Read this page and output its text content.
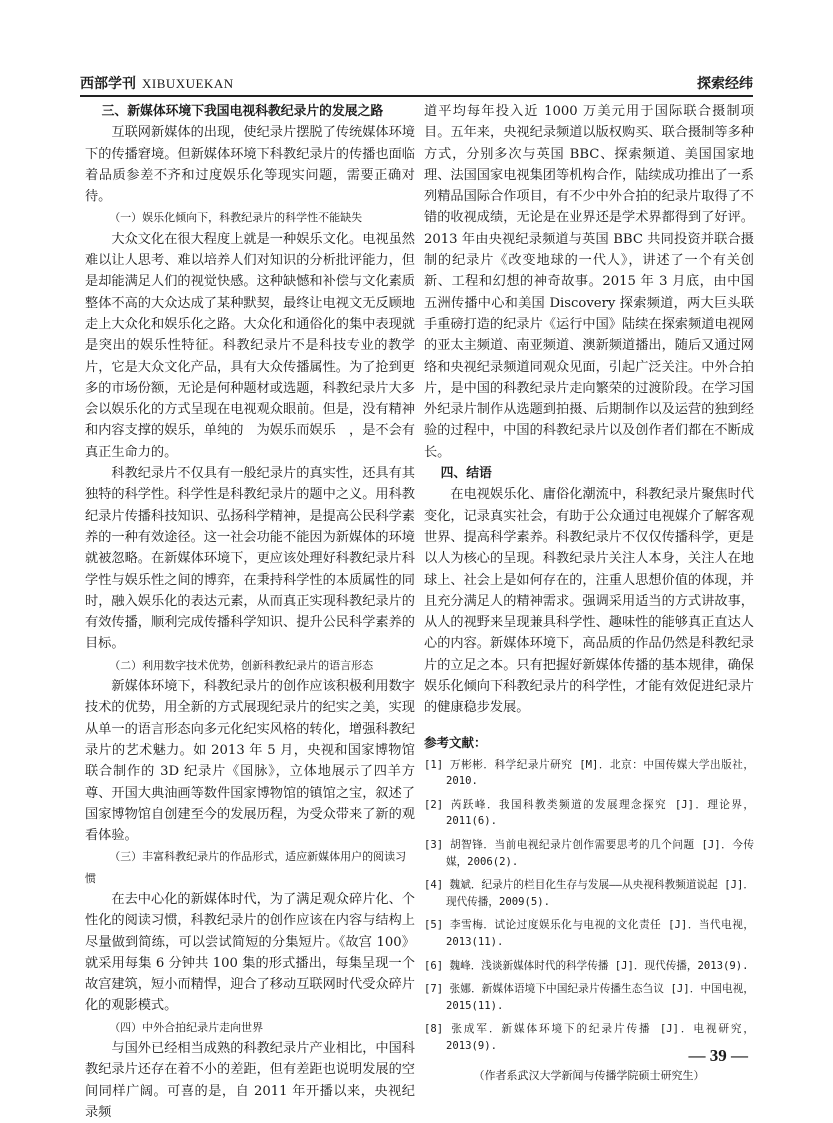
西部学刊 XIBUXUEKAN	探索经纬

三、新媒体环境下我国电视科教纪录片的发展之路

互联网新媒体的出现，使纪录片摆脱了传统媒体环境下的传播窘境。但新媒体环境下科教纪录片的传播也面临着品质参差不齐和过度娱乐化等现实问题，需要正确对待。

（一）娱乐化倾向下，科教纪录片的科学性不能缺失

大众文化在很大程度上就是一种娱乐文化。电视虽然难以让人思考、难以培养人们对知识的分析批评能力，但是却能满足人们的视觉快感。这种缺憾和补偿与文化素质整体不高的大众达成了某种默契，最终让电视文无反顾地走上大众化和娱乐化之路。大众化和通俗化的集中表现就是突出的娱乐性特征。科教纪录片不是科技专业的教学片，它是大众文化产品，具有大众传播属性。为了抢到更多的市场份额，无论是何种题材或选题，科教纪录片大多会以娱乐化的方式呈现在电视观众眼前。但是，没有精神和内容支撑的娱乐，单纯的　为娱乐而娱乐　，是不会有真正生命力的。

科教纪录片不仅具有一般纪录片的真实性，还具有其独特的科学性。科学性是科教纪录片的题中之义。用科教纪录片传播科技知识、弘扬科学精神，是提高公民科学素养的一种有效途径。这一社会功能不能因为新媒体的环境就被忽略。在新媒体环境下，更应该处理好科教纪录片科学性与娱乐性之间的博弈，在秉持科学性的本质属性的同时，融入娱乐化的表达元素，从而真正实现科教纪录片的有效传播，顺利完成传播科学知识、提升公民科学素养的目标。

（二）利用数字技术优势，创新科教纪录片的语言形态

新媒体环境下，科教纪录片的创作应该积极利用数字技术的优势，用全新的方式展现纪录片的纪实之美，实现从单一的语言形态向多元化纪实风格的转化，增强科教纪录片的艺术魅力。如 2013 年 5 月，央视和国家博物馆联合制作的 3D 纪录片《国脉》，立体地展示了四羊方尊、开国大典油画等数件国家博物馆的镇馆之宝，叙述了国家博物馆自创建至今的发展历程，为受众带来了新的观看体验。

（三）丰富科教纪录片的作品形式，适应新媒体用户的阅读习惯

在去中心化的新媒体时代，为了满足观众碎片化、个性化的阅读习惯，科教纪录片的创作应该在内容与结构上尽量做到简练，可以尝试简短的分集短片。《故宫 100》就采用每集 6 分钟共 100 集的形式播出，每集呈现一个故宫建筑，短小而精悍，迎合了移动互联网时代受众碎片化的观影模式。

（四）中外合拍纪录片走向世界

与国外已经相当成熟的科教纪录片产业相比，中国科教纪录片还存在着不小的差距，但有差距也说明发展的空间同样广阔。可喜的是，自 2011 年开播以来，央视纪录频

道平均每年投入近 1000 万美元用于国际联合摄制项目。五年来，央视纪录频道以版权购买、联合摄制等多种方式，分别多次与英国 BBC、探索频道、美国国家地理、法国国家电视集团等机构合作，陆续成功推出了一系列精品国际合作项目，有不少中外合拍的纪录片取得了不错的收视成绩，无论是在业界还是学术界都得到了好评。2013 年由央视纪录频道与英国 BBC 共同投资并联合摄制的纪录片《改变地球的一代人》，讲述了一个有关创新、工程和幻想的神奇故事。2015 年 3 月底，由中国五洲传播中心和美国 Discovery 探索频道，两大巨头联手重磅打造的纪录片《运行中国》陆续在探索频道电视网的亚太主频道、南亚频道、澳新频道播出，随后又通过网络和央视纪录频道同观众见面，引起广泛关注。中外合拍片，是中国的科教纪录片走向繁荣的过渡阶段。在学习国外纪录片制作从选题到拍摄、后期制作以及运营的独到经验的过程中，中国的科教纪录片以及创作者们都在不断成长。

四、结语

在电视娱乐化、庸俗化潮流中，科教纪录片聚焦时代变化，记录真实社会，有助于公众通过电视媒介了解客观世界、提高科学素养。科教纪录片不仅仅传播科学，更是以人为核心的呈现。科教纪录片关注人本身，关注人在地球上、社会上是如何存在的，注重人思想价值的体现，并且充分满足人的精神需求。强调采用适当的方式讲故事，从人的视野来呈现兼具科学性、趣味性的能够真正直达人心的内容。新媒体环境下，高品质的作品仍然是科教纪录片的立足之本。只有把握好新媒体传播的基本规律，确保娱乐化倾向下科教纪录片的科学性，才能有效促进纪录片的健康稳步发展。

参考文献：

[1] 万彬彬．科学纪录片研究 [M]．北京：中国传媒大学出版社，2010.

[2] 芮跃峰．我国科教类频道的发展理念探究 [J]．理论界，2011(6).

[3] 胡智锋．当前电视纪录片创作需要思考的几个问题 [J]．今传媒，2006(2).

[4] 魏斌．纪录片的栏目化生存与发展——从央视科教频道说起 [J]．现代传播，2009(5).

[5] 李雪梅．试论过度娱乐化与电视的文化责任 [J]．当代电视，2013(11).

[6] 魏峰．浅谈新媒体时代的科学传播 [J]．现代传播，2013(9).

[7] 张娜．新媒体语境下中国纪录片传播生态刍议 [J]．中国电视，2015(11).

[8] 张成军．新媒体环境下的纪录片传播 [J]．电视研究，2013(9).

（作者系武汉大学新闻与传播学院硕士研究生）
— 39 —
